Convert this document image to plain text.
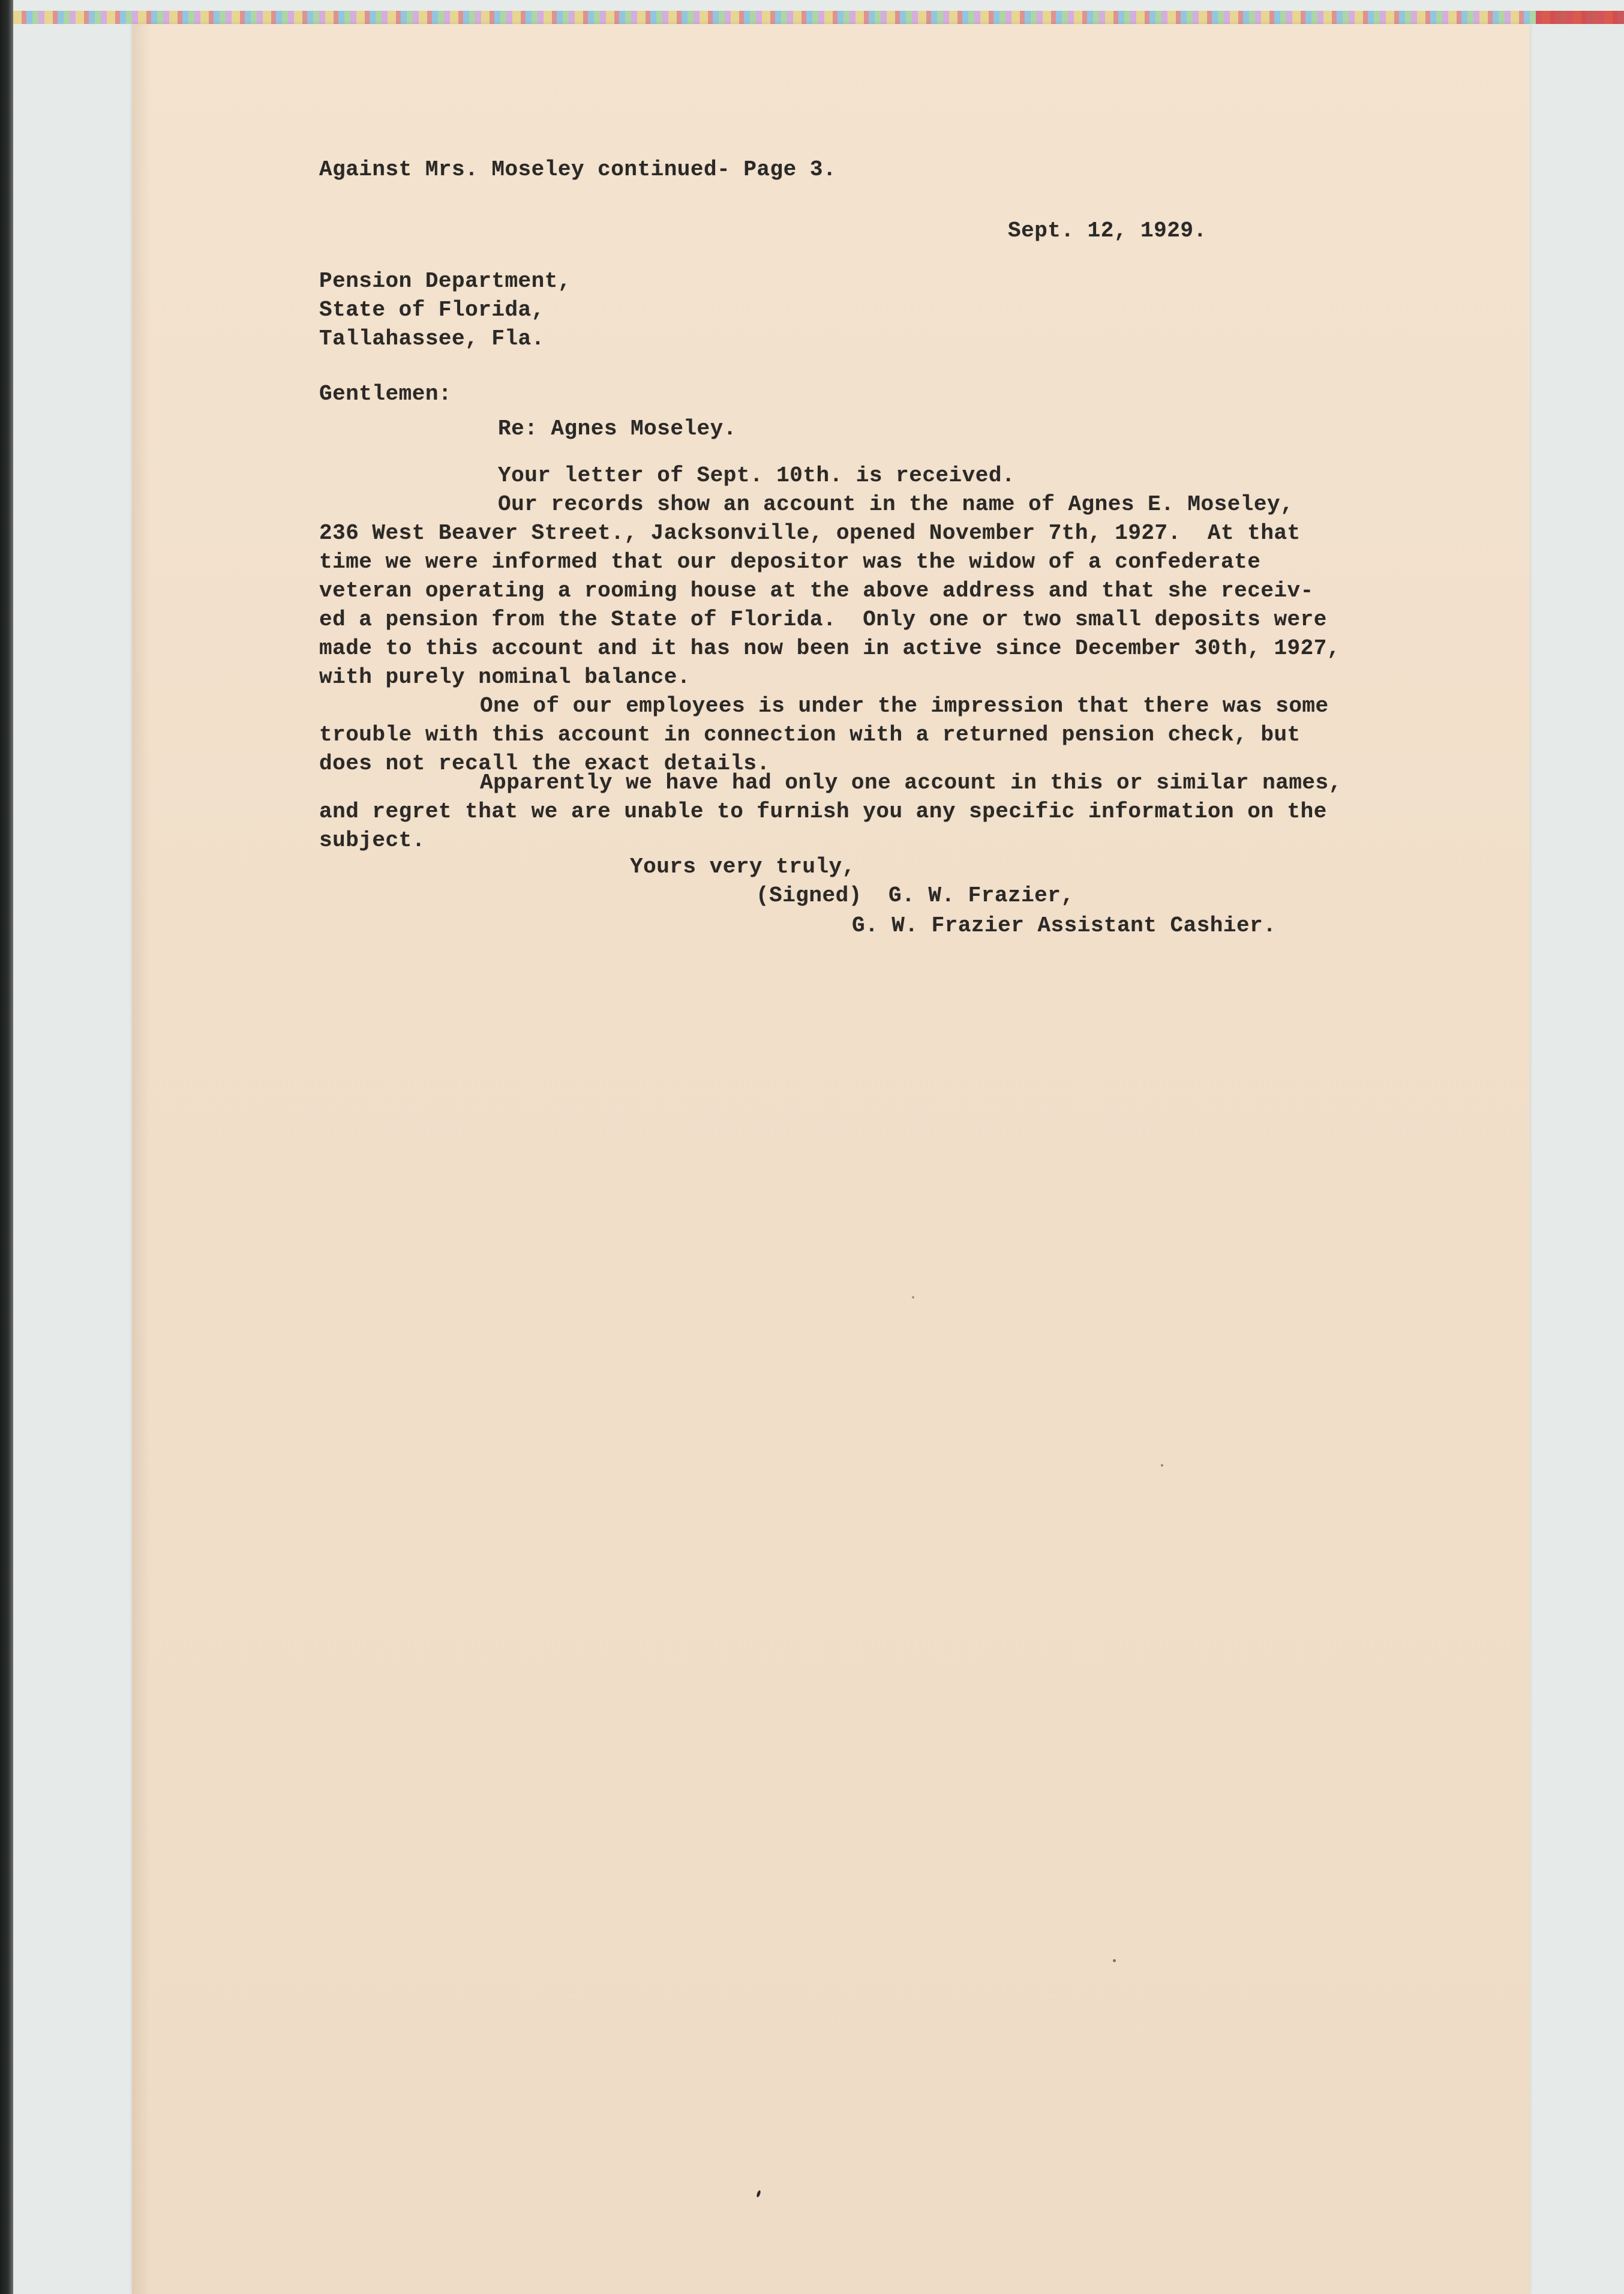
Against Mrs. Moseley continued- Page 3.
Sept. 12, 1929.
Pension Department,
State of Florida,
Tallahassee, Fla.
Gentlemen:
Re: Agnes Moseley.
Your letter of Sept. 10th. is received.
Our records show an account in the name of Agnes E. Moseley,
236 West Beaver Street., Jacksonville, opened November 7th, 1927.  At that
time we were informed that our depositor was the widow of a confederate
veteran operating a rooming house at the above address and that she receiv-
ed a pension from the State of Florida.  Only one or two small deposits were
made to this account and it has now been in active since December 30th, 1927,
with purely nominal balance.
One of our employees is under the impression that there was some
trouble with this account in connection with a returned pension check, but
does not recall the exact details.
Apparently we have had only one account in this or similar names,
and regret that we are unable to furnish you any specific information on the
subject.
Yours very truly,
(Signed)  G. W. Frazier,
G. W. Frazier Assistant Cashier.
